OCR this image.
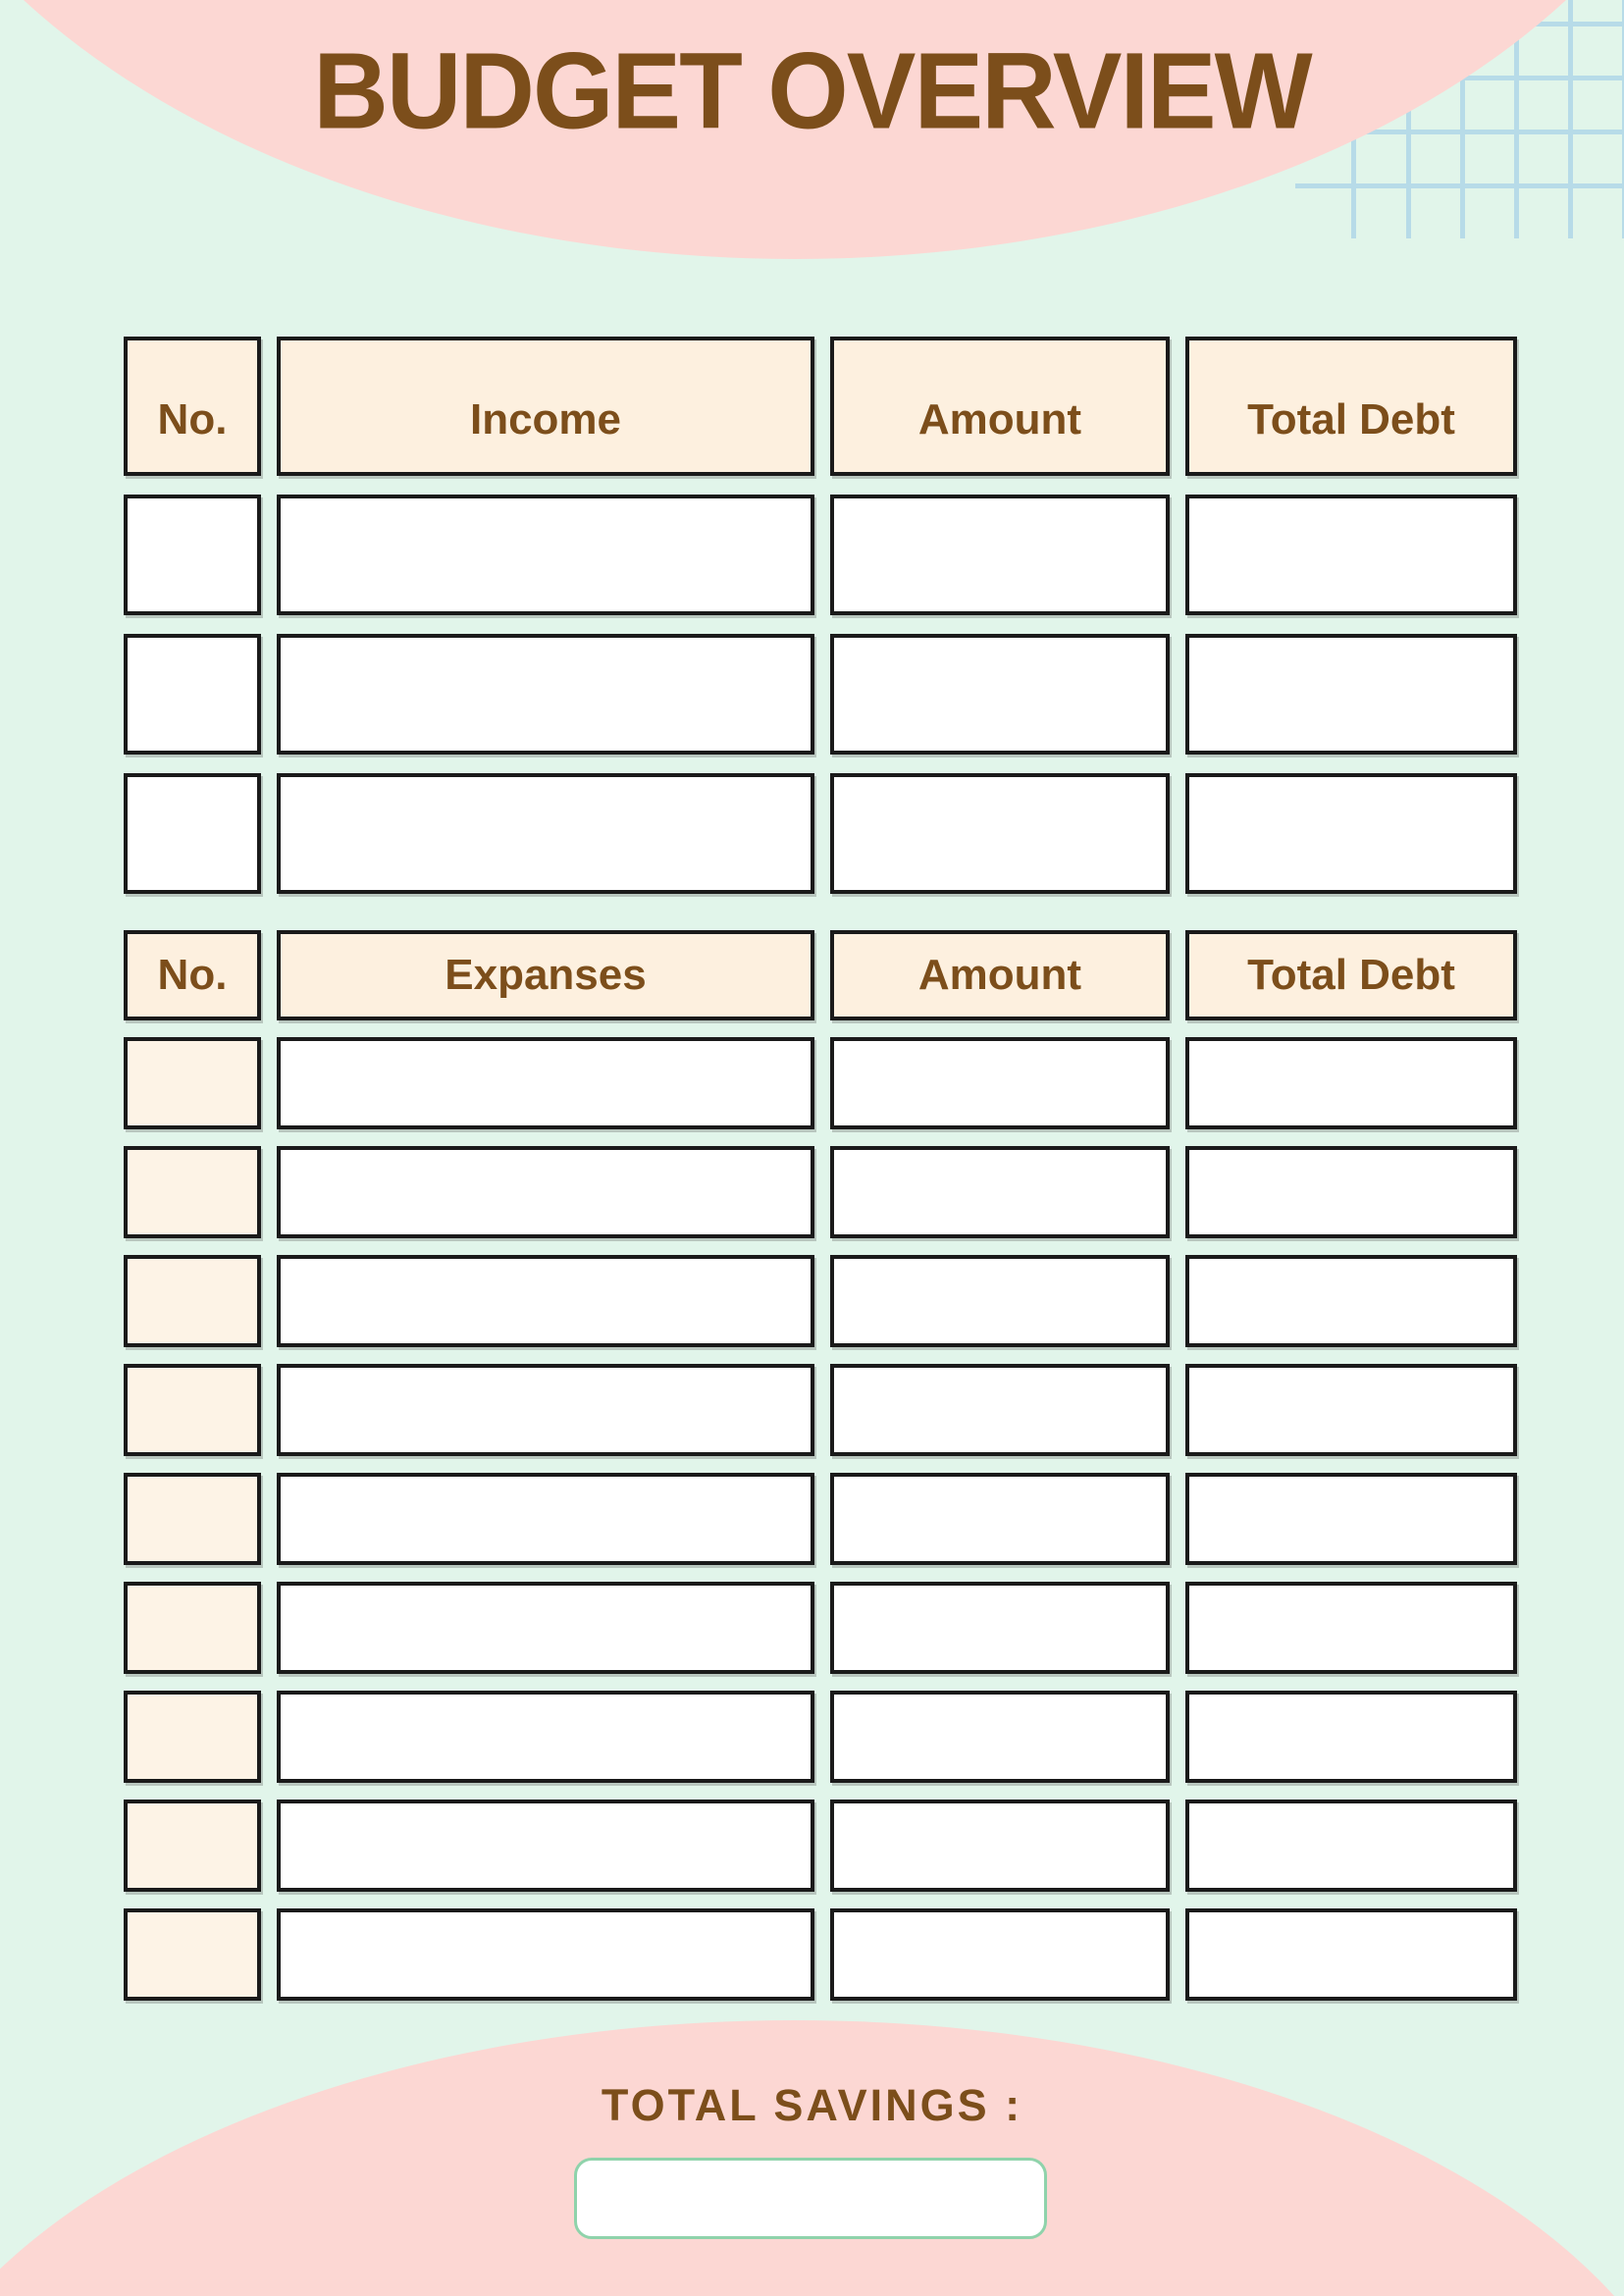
BUDGET OVERVIEW
No.	Income	Amount	Total Debt
No.	Expanses	Amount	Total Debt

TOTAL SAVINGS :
